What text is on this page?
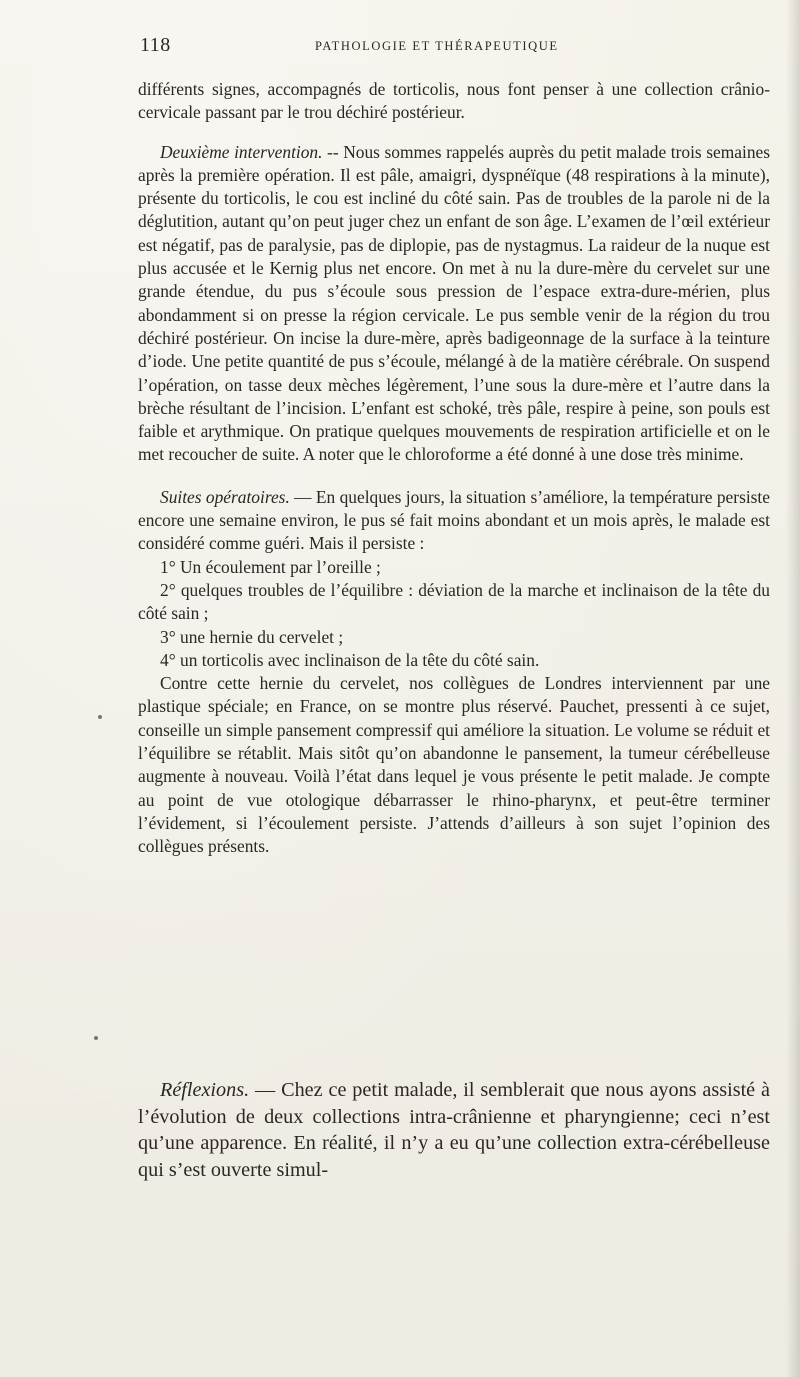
118	PATHOLOGIE ET THÉRAPEUTIQUE

différents signes, accompagnés de torticolis, nous font penser à une collection crânio-cervicale passant par le trou déchiré postérieur.

Deuxième intervention. -- Nous sommes rappelés auprès du petit malade trois semaines après la première opération. Il est pâle, amaigri, dyspnéïque (48 respirations à la minute), présente du torticolis, le cou est incliné du côté sain. Pas de troubles de la parole ni de la déglutition, autant qu’on peut juger chez un enfant de son âge. L’examen de l’œil extérieur est négatif, pas de paralysie, pas de diplopie, pas de nystagmus. La raideur de la nuque est plus accusée et le Kernig plus net encore. On met à nu la dure-mère du cervelet sur une grande étendue, du pus s’écoule sous pression de l’espace extra-dure-mérien, plus abondamment si on presse la région cervicale. Le pus semble venir de la région du trou déchiré postérieur. On incise la dure-mère, après badigeonnage de la surface à la teinture d’iode. Une petite quantité de pus s’écoule, mélangé à de la matière cérébrale. On suspend l’opération, on tasse deux mèches légèrement, l’une sous la dure-mère et l’autre dans la brèche résultant de l’incision. L’enfant est schoké, très pâle, respire à peine, son pouls est faible et arythmique. On pratique quelques mouvements de respiration artificielle et on le met recoucher de suite. A noter que le chloroforme a été donné à une dose très minime.

Suites opératoires. — En quelques jours, la situation s’améliore, la température persiste encore une semaine environ, le pus sé fait moins abondant et un mois après, le malade est considéré comme guéri. Mais il persiste :

1° Un écoulement par l’oreille ;

2° quelques troubles de l’équilibre : déviation de la marche et inclinaison de la tête du côté sain ;

3° une hernie du cervelet ;

4° un torticolis avec inclinaison de la tête du côté sain.

Contre cette hernie du cervelet, nos collègues de Londres interviennent par une plastique spéciale; en France, on se montre plus réservé. Pauchet, pressenti à ce sujet, conseille un simple pansement compressif qui améliore la situation. Le volume se réduit et l’équilibre se rétablit. Mais sitôt qu’on abandonne le pansement, la tumeur cérébelleuse augmente à nouveau. Voilà l’état dans lequel je vous présente le petit malade. Je compte au point de vue otologique débarrasser le rhino-pharynx, et peut-être terminer l’évidement, si l’écoulement persiste. J’attends d’ailleurs à son sujet l’opinion des collègues présents.

Réflexions. — Chez ce petit malade, il semblerait que nous ayons assisté à l’évolution de deux collections intra-crânienne et pharyngienne; ceci n’est qu’une apparence. En réalité, il n’y a eu qu’une collection extra-cérébelleuse qui s’est ouverte simul-
